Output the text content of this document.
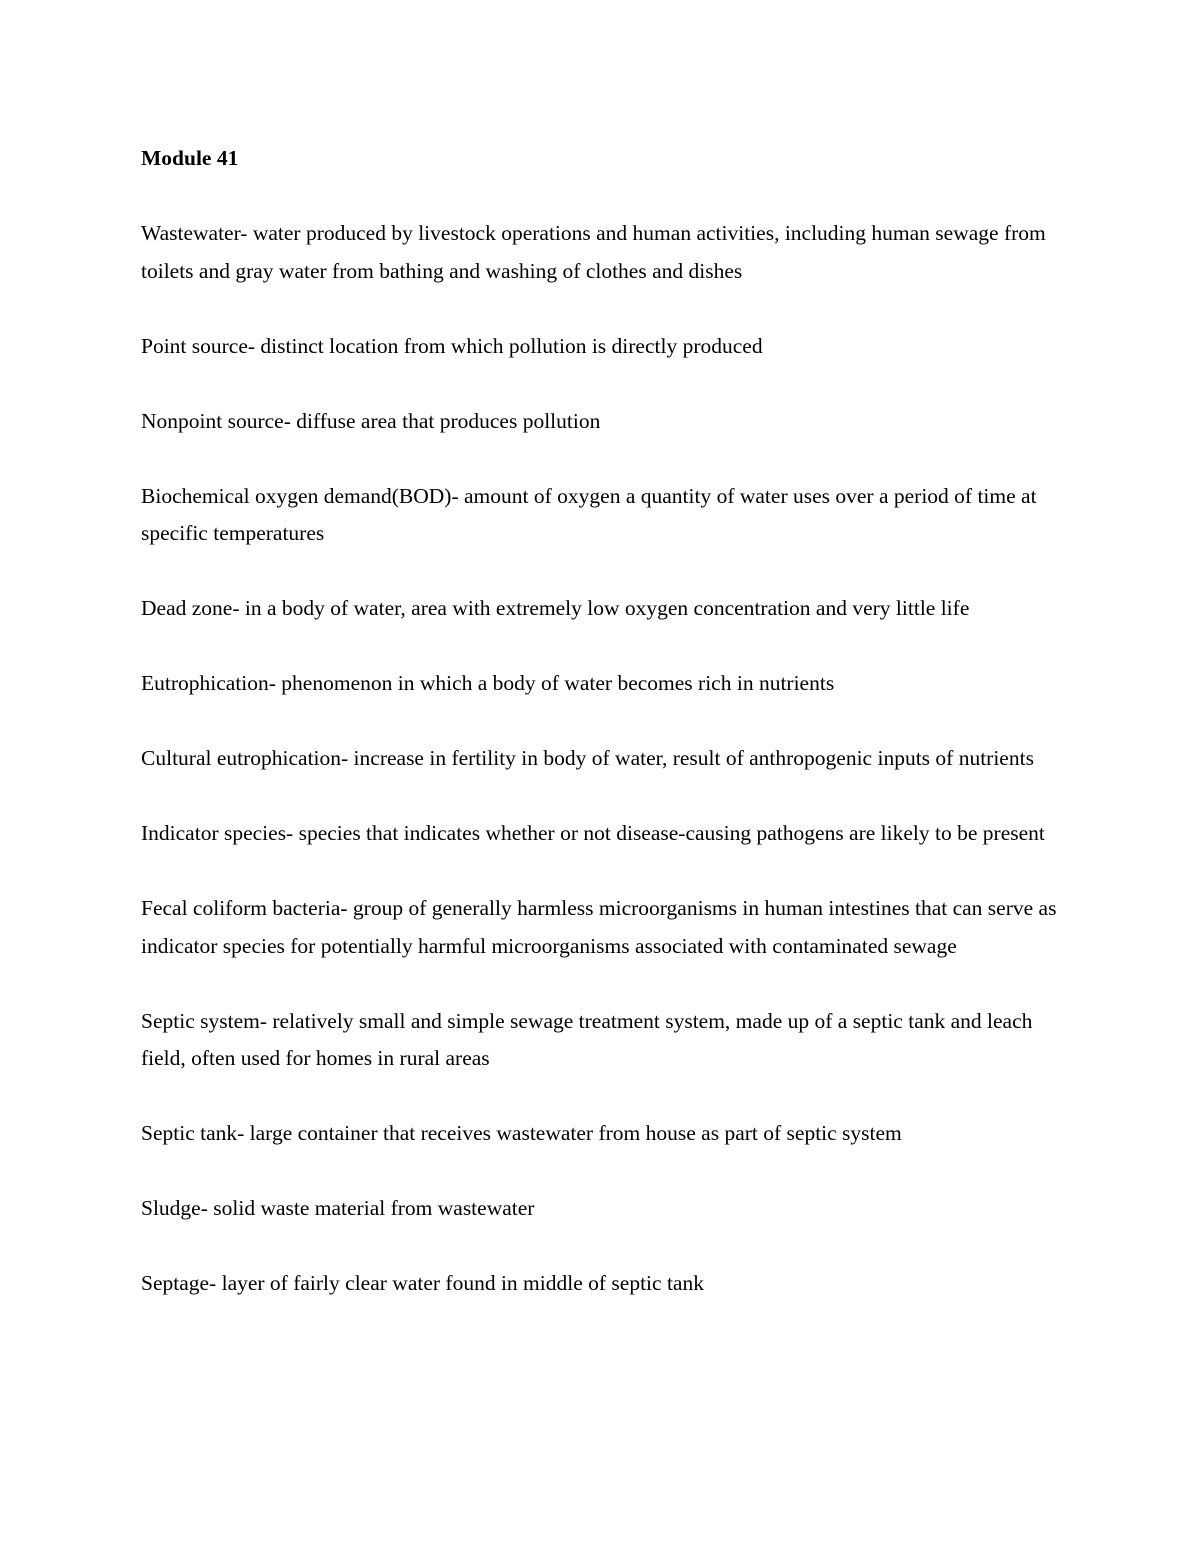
Module 41

Wastewater- water produced by livestock operations and human activities, including human sewage from toilets and gray water from bathing and washing of clothes and dishes

Point source- distinct location from which pollution is directly produced

Nonpoint source- diffuse area that produces pollution

Biochemical oxygen demand(BOD)- amount of oxygen a quantity of water uses over a period of time at specific temperatures

Dead zone- in a body of water, area with extremely low oxygen concentration and very little life

Eutrophication- phenomenon in which a body of water becomes rich in nutrients

Cultural eutrophication- increase in fertility in body of water, result of anthropogenic inputs of nutrients

Indicator species- species that indicates whether or not disease-causing pathogens are likely to be present

Fecal coliform bacteria- group of generally harmless microorganisms in human intestines that can serve as indicator species for potentially harmful microorganisms associated with contaminated sewage

Septic system- relatively small and simple sewage treatment system, made up of a septic tank and leach field, often used for homes in rural areas

Septic tank- large container that receives wastewater from house as part of septic system

Sludge- solid waste material from wastewater

Septage- layer of fairly clear water found in middle of septic tank
